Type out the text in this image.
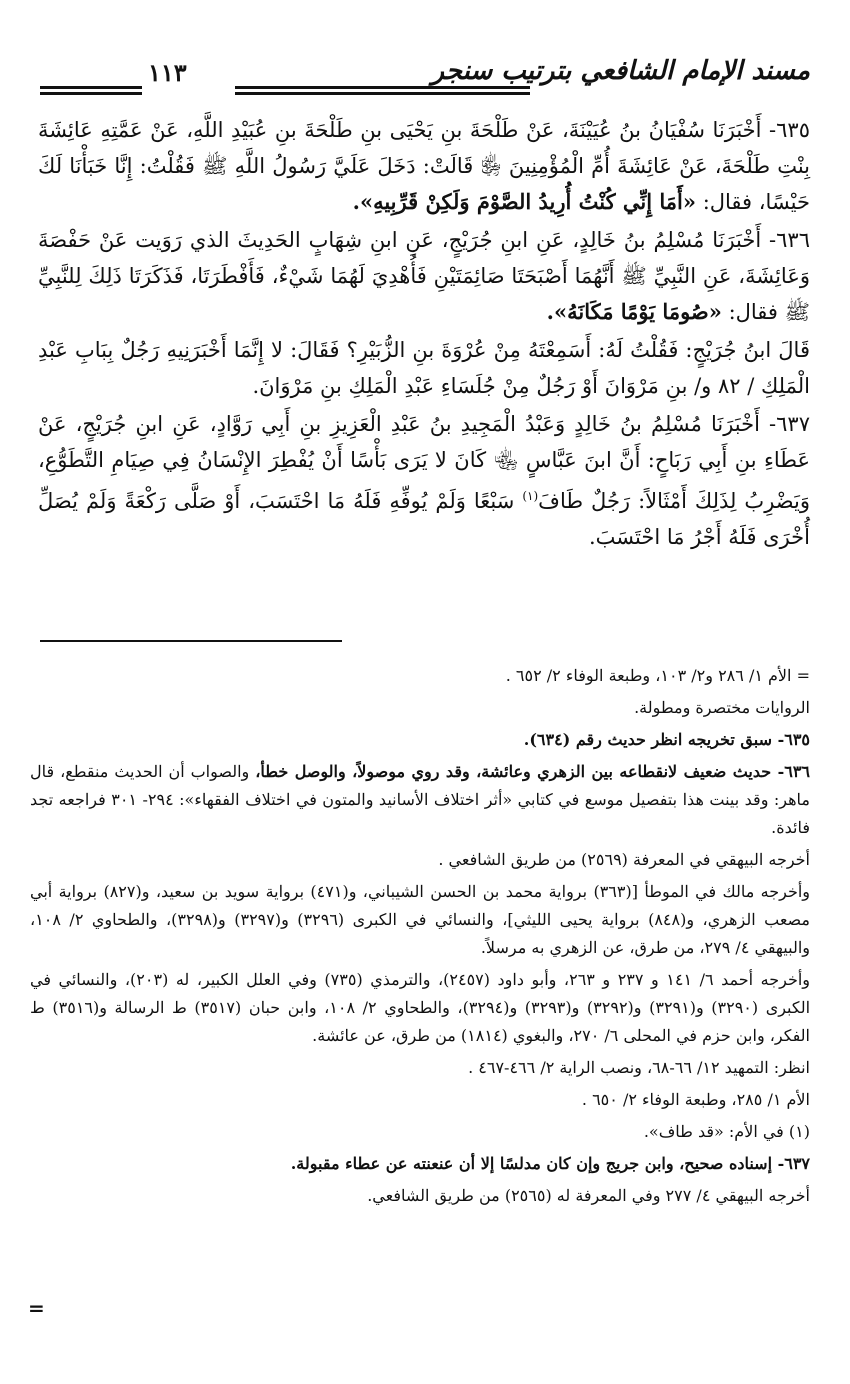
مسند الإمام الشافعي بترتيب سنجر
١١٣

٦٣٥- أَخْبَرَنَا سُفْيَانُ بنُ عُيَيْنَةَ، عَنْ طَلْحَةَ بنِ يَحْيَى بنِ طَلْحَةَ بنِ عُبَيْدِ اللَّهِ، عَنْ عَمَّتِهِ عَائِشَةَ بِنْتِ طَلْحَةَ، عَنْ عَائِشَةَ أُمِّ الْمُؤْمِنِينَ ﵂ قَالَتْ: دَخَلَ عَلَيَّ رَسُولُ اللَّهِ ﷺ فَقُلْتُ: إِنَّا خَبَأْنَا لَكَ حَيْسًا، فقال: «أَمَا إِنِّي كُنْتُ أُرِيدُ الصَّوْمَ وَلَكِنْ قَرِّبِيهِ».

٦٣٦- أَخْبَرَنَا مُسْلِمُ بنُ خَالِدٍ، عَنِ ابنِ جُرَيْجٍ، عَنِ ابنِ شِهَابٍ الحَدِيثَ الذي رَوَيت عَنْ حَفْصَةَ وَعَائِشَةَ، عَنِ النَّبِيِّ ﷺ أَنَّهُمَا أَصْبَحَتَا صَائِمَتَيْنِ فَأُهْدِيَ لَهُمَا شَيْءٌ، فَأَفْطَرَتَا، فَذَكَرَتَا ذَلِكَ لِلنَّبِيِّ ﷺ فقال: «صُومَا يَوْمًا مَكَانَهُ».

قَالَ ابنُ جُرَيْجٍ: فَقُلْتُ لَهُ: أَسَمِعْتَهُ مِنْ عُرْوَةَ بنِ الزُّبَيْرِ؟ فَقَالَ: لا إِنَّمَا أَخْبَرَنِيهِ رَجُلٌ بِبَابِ عَبْدِ الْمَلِكِ / ٨٢ و/ بنِ مَرْوَانَ أَوْ رَجُلٌ مِنْ جُلَسَاءِ عَبْدِ الْمَلِكِ بنِ مَرْوَانَ.

٦٣٧- أَخْبَرَنَا مُسْلِمُ بنُ خَالِدٍ وَعَبْدُ الْمَجِيدِ بنُ عَبْدِ الْعَزِيزِ بنِ أَبِي رَوَّادٍ، عَنِ ابنِ جُرَيْجٍ، عَنْ عَطَاءِ بنِ أَبِي رَبَاحٍ: أَنَّ ابنَ عَبَّاسٍ ﵄ كَانَ لا يَرَى بَأْسًا أَنْ يُفْطِرَ الإِنْسَانُ فِي صِيَامِ التَّطَوُّعِ، وَيَضْرِبُ لِذَلِكَ أَمْثَالاً: رَجُلٌ طَافَ$^{(١)}$ سَبْعًا وَلَمْ يُوفِّهِ فَلَهُ مَا احْتَسَبَ، أَوْ صَلَّى رَكْعَةً وَلَمْ يُصَلِّ أُخْرَى فَلَهُ أَجْرُ مَا احْتَسَبَ.

= الأم ١/ ٢٨٦ و٢/ ١٠٣، وطبعة الوفاء ٢/ ٦٥٢ .

الروايات مختصرة ومطولة.

٦٣٥- سبق تخريجه انظر حديث رقم (٦٣٤).

٦٣٦- حديث ضعيف لانقطاعه بين الزهري وعائشة، وقد روي موصولاً، والوصل خطأ، والصواب أن الحديث منقطع، قال ماهر: وقد بينت هذا بتفصيل موسع في كتابي «أثر اختلاف الأسانيد والمتون في اختلاف الفقهاء»: ٢٩٤- ٣٠١ فراجعه تجد فائدة.

أخرجه البيهقي في المعرفة (٢٥٦٩) من طريق الشافعي .

وأخرجه مالك في الموطأ [(٣٦٣) برواية محمد بن الحسن الشيباني، و(٤٧١) برواية سويد بن سعيد، و(٨٢٧) برواية أبي مصعب الزهري، و(٨٤٨) برواية يحيى الليثي]، والنسائي في الكبرى (٣٢٩٦) و(٣٢٩٧) و(٣٢٩٨)، والطحاوي ٢/ ١٠٨، والبيهقي ٤/ ٢٧٩، من طرق، عن الزهري به مرسلاً.

وأخرجه أحمد ٦/ ١٤١ و ٢٣٧ و ٢٦٣، وأبو داود (٢٤٥٧)، والترمذي (٧٣٥) وفي العلل الكبير، له (٢٠٣)، والنسائي في الكبرى (٣٢٩٠) و(٣٢٩١) و(٣٢٩٢) و(٣٢٩٣) و(٣٢٩٤)، والطحاوي ٢/ ١٠٨، وابن حبان (٣٥١٧) ط الرسالة و(٣٥١٦) ط الفكر، وابن حزم في المحلى ٦/ ٢٧٠، والبغوي (١٨١٤) من طرق، عن عائشة.

انظر: التمهيد ١٢/ ٦٦-٦٨، ونصب الراية ٢/ ٤٦٦-٤٦٧ .

الأم ١/ ٢٨٥، وطبعة الوفاء ٢/ ٦٥٠ .

(١) في الأم: «قد طاف».

٦٣٧- إسناده صحيح، وابن جريج وإن كان مدلسًا إلا أن عنعنته عن عطاء مقبولة.

أخرجه البيهقي ٤/ ٢٧٧ وفي المعرفة له (٢٥٦٥) من طريق الشافعي.

=
